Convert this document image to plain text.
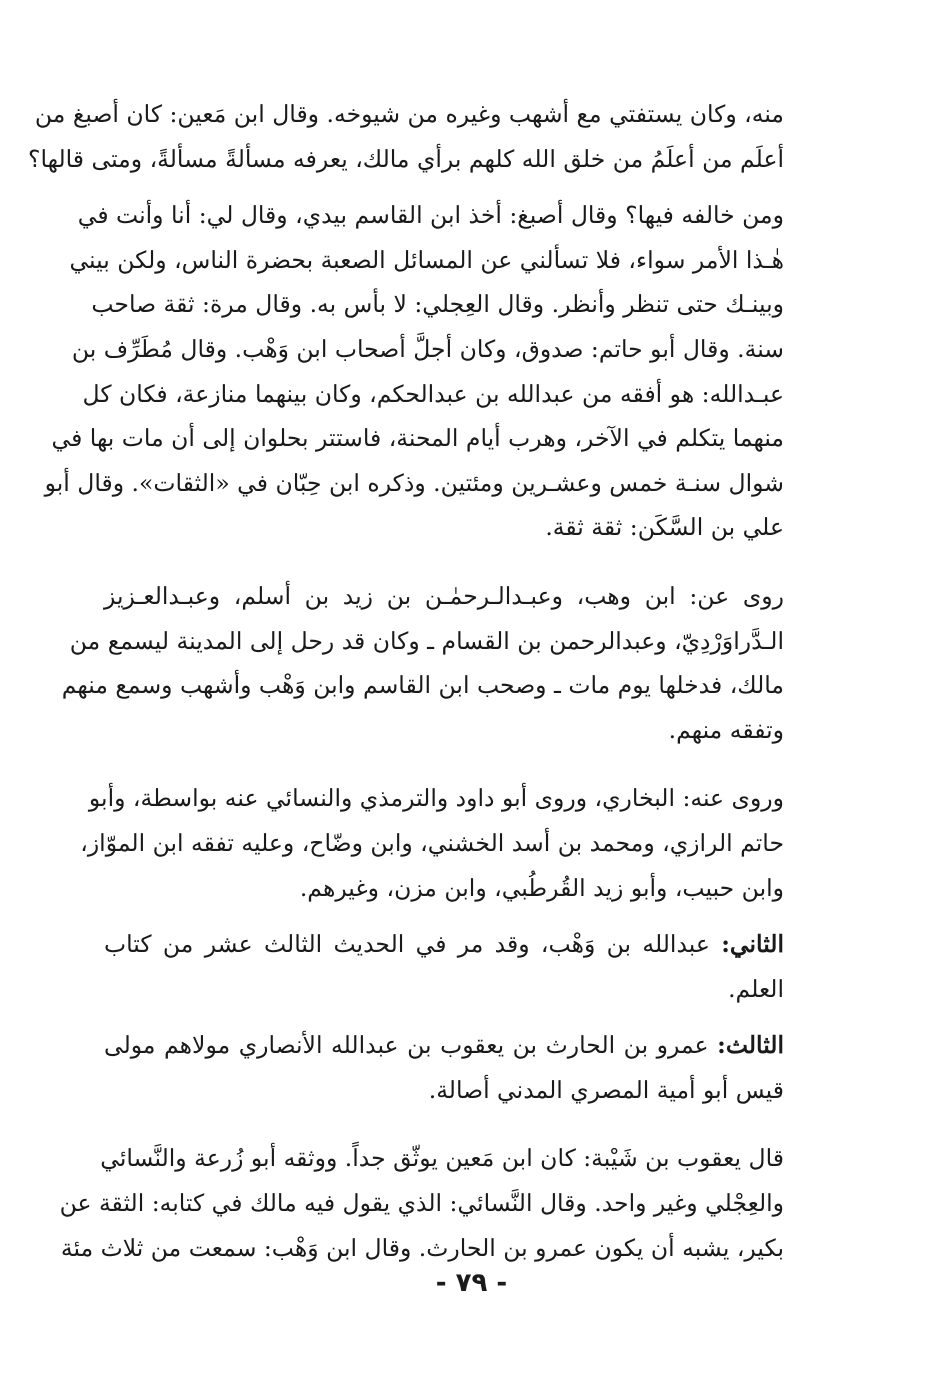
منه، وكان يستفتي مع أشهب وغيره من شيوخه. وقال ابن مَعين: كان أصبغ من
أعلَم من أعلَمُ من خلق الله كلهم برأي مالك، يعرفه مسألةً مسألةً، ومتى قالها؟
ومن خالفه فيها؟ وقال أصبغ: أخذ ابن القاسم بيدي، وقال لي: أنا وأنت في
هٰـذا الأمر سواء، فلا تسألني عن المسائل الصعبة بحضرة الناس، ولكن بيني
وبينـك حتى تنظر وأنظر. وقال العِجلي: لا بأس به. وقال مرة: ثقة صاحب
سنة. وقال أبو حاتم: صدوق، وكان أجلَّ أصحاب ابن وَهْب. وقال مُطَرِّف بن
عبـدالله: هو أفقه من عبدالله بن عبدالحكم، وكان بينهما منازعة، فكان كل
منهما يتكلم في الآخر، وهرب أيام المحنة، فاستتر بحلوان إلى أن مات بها في
شوال سنـة خمس وعشـرين ومئتين. وذكره ابن حِبّان في «الثقات». وقال أبو
علي بن السَّكَن: ثقة ثقة.
روى عن: ابن وهب، وعبـدالـرحمٰـن بن زيد بن أسلم، وعبـدالعـزيز
الـدَّراوَرْدِيّ، وعبدالرحمن بن القسام ـ وكان قد رحل إلى المدينة ليسمع من
مالك، فدخلها يوم مات ـ وصحب ابن القاسم وابن وَهْب وأشهب وسمع منهم
وتفقه منهم.
وروى عنه: البخاري، وروى أبو داود والترمذي والنسائي عنه بواسطة، وأبو
حاتم الرازي، ومحمد بن أسد الخشني، وابن وضّاح، وعليه تفقه ابن الموّاز،
وابن حبيب، وأبو زيد القُرطُبي، وابن مزن، وغيرهم.
الثاني: عبدالله بن وَهْب، وقد مر في الحديث الثالث عشر من كتاب
العلم.
الثالث: عمرو بن الحارث بن يعقوب بن عبدالله الأنصاري مولاهم مولى
قيس أبو أمية المصري المدني أصالة.
قال يعقوب بن شَيْبة: كان ابن مَعين يوثّق جداً. ووثقه أبو زُرعة والنَّسائي
والعِجْلي وغير واحد. وقال النَّسائي: الذي يقول فيه مالك في كتابه: الثقة عن
بكير، يشبه أن يكون عمرو بن الحارث. وقال ابن وَهْب: سمعت من ثلاث مئة
- ٧٩ -
